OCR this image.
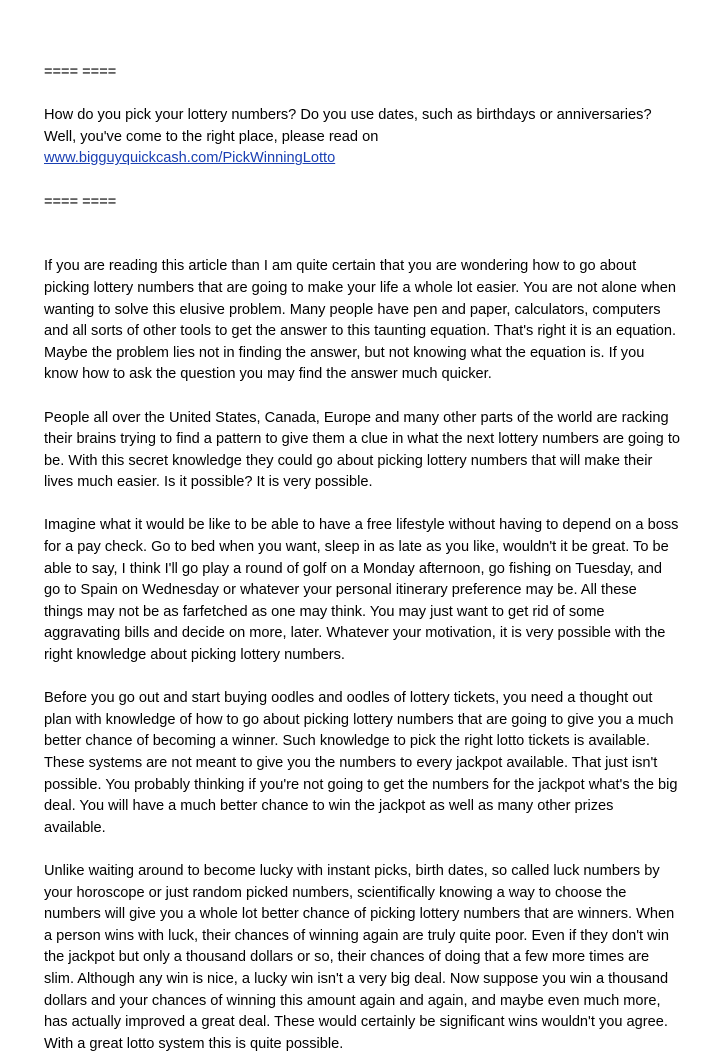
==== ====

How do you pick your lottery numbers? Do you use dates, such as birthdays or anniversaries?

Well, you've come to the right place, please read on

www.bigguyquickcash.com/PickWinningLotto

==== ====

If you are reading this article than I am quite certain that you are wondering how to go about

picking lottery numbers that are going to make your life a whole lot easier. You are not alone when

wanting to solve this elusive problem. Many people have pen and paper, calculators, computers

and all sorts of other tools to get the answer to this taunting equation. That's right it is an equation.

Maybe the problem lies not in finding the answer, but not knowing what the equation is. If you

know how to ask the question you may find the answer much quicker.

People all over the United States, Canada, Europe and many other parts of the world are racking

their brains trying to find a pattern to give them a clue in what the next lottery numbers are going to

be. With this secret knowledge they could go about picking lottery numbers that will make their

lives much easier. Is it possible? It is very possible.

Imagine what it would be like to be able to have a free lifestyle without having to depend on a boss

for a pay check. Go to bed when you want, sleep in as late as you like, wouldn't it be great. To be

able to say, I think I'll go play a round of golf on a Monday afternoon, go fishing on Tuesday, and

go to Spain on Wednesday or whatever your personal itinerary preference may be. All these

things may not be as farfetched as one may think. You may just want to get rid of some

aggravating bills and decide on more, later. Whatever your motivation, it is very possible with the

right knowledge about picking lottery numbers.

Before you go out and start buying oodles and oodles of lottery tickets, you need a thought out

plan with knowledge of how to go about picking lottery numbers that are going to give you a much

better chance of becoming a winner. Such knowledge to pick the right lotto tickets is available.

These systems are not meant to give you the numbers to every jackpot available. That just isn't

possible. You probably thinking if you're not going to get the numbers for the jackpot what's the big

deal. You will have a much better chance to win the jackpot as well as many other prizes

available.

Unlike waiting around to become lucky with instant picks, birth dates, so called luck numbers by

your horoscope or just random picked numbers, scientifically knowing a way to choose the

numbers will give you a whole lot better chance of picking lottery numbers that are winners. When

a person wins with luck, their chances of winning again are truly quite poor. Even if they don't win

the jackpot but only a thousand dollars or so, their chances of doing that a few more times are

slim. Although any win is nice, a lucky win isn't a very big deal. Now suppose you win a thousand

dollars and your chances of winning this amount again and again, and maybe even much more,

has actually improved a great deal. These would certainly be significant wins wouldn't you agree.

With a great lotto system this is quite possible.
